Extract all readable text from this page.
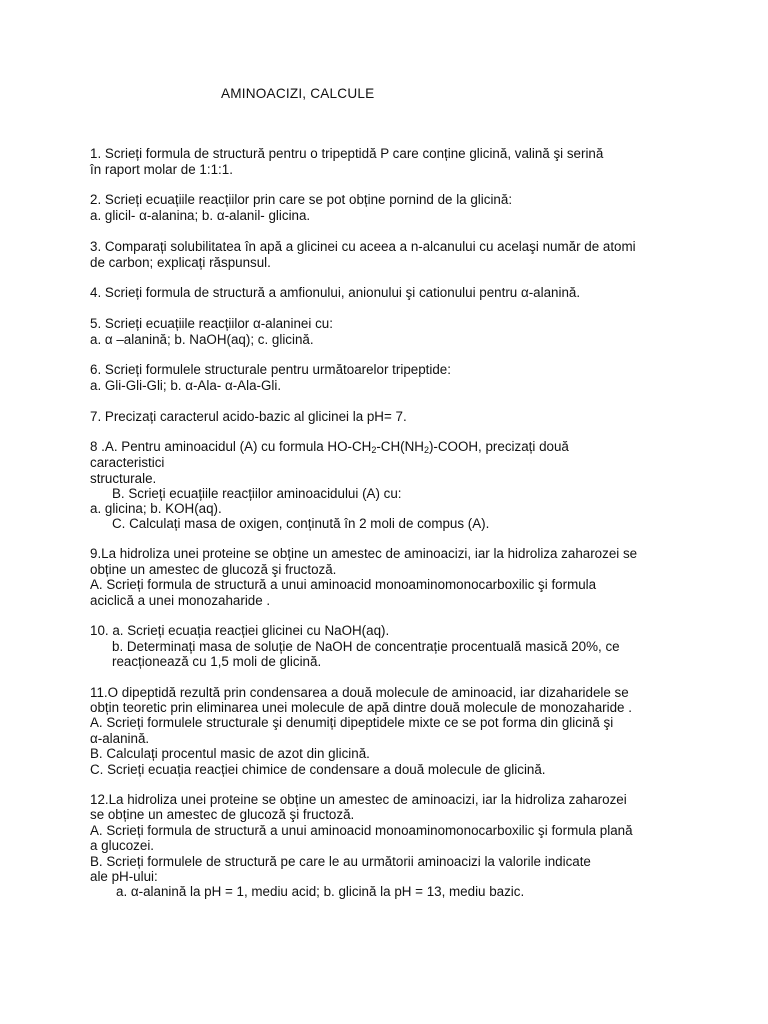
AMINOACIZI, CALCULE
1. Scrieți formula de structură pentru o tripeptidă P care conține glicină, valină şi serină
în raport molar de 1:1:1.
2. Scrieți ecuațiile reacțiilor prin care se pot obține pornind de la glicină:
a. glicil- α-alanina; b. α-alanil- glicina.
3. Comparați solubilitatea în apă a glicinei cu aceea a n-alcanului cu acelaşi număr de atomi
de carbon; explicați răspunsul.
4. Scrieți formula de structură a amfionului, anionului şi cationului pentru α-alanină.
5. Scrieți ecuațiile reacțiilor α-alaninei cu:
a. α –alanină; b. NaOH(aq); c. glicină.
6. Scrieți formulele structurale pentru următoarelor tripeptide:
a. Gli-Gli-Gli; b. α-Ala- α-Ala-Gli.
7. Precizați caracterul acido-bazic al glicinei la pH= 7.
8 .A. Pentru aminoacidul (A) cu formula $HO-CH_2-CH(NH_2)$-COOH, precizați două
caracteristici
structurale.
B. Scrieți ecuațiile reacțiilor aminoacidului (A) cu:
a. glicina; b. KOH(aq).
C. Calculați masa de oxigen, conținută în 2 moli de compus (A).
9.La hidroliza unei proteine se obține un amestec de aminoacizi, iar la hidroliza zaharozei se
obține un amestec de glucoză şi fructoză.
A. Scrieți formula de structură a unui aminoacid monoaminomonocarboxilic şi formula
aciclică a unei monozaharide .
10. a. Scrieți ecuația reacției glicinei cu NaOH(aq).
b. Determinați masa de soluție de NaOH de concentrație procentuală masică 20%, ce
reacționează cu 1,5 moli de glicină.
11.O dipeptidă rezultă prin condensarea a două molecule de aminoacid, iar dizaharidele se
obțin teoretic prin eliminarea unei molecule de apă dintre două molecule de monozaharide .
A. Scrieți formulele structurale şi denumiți dipeptidele mixte ce se pot forma din glicină şi
α-alanină.
B. Calculați procentul masic de azot din glicină.
C. Scrieți ecuația reacției chimice de condensare a două molecule de glicină.
12.La hidroliza unei proteine se obține un amestec de aminoacizi, iar la hidroliza zaharozei
se obține un amestec de glucoză şi fructoză.
A. Scrieți formula de structură a unui aminoacid monoaminomonocarboxilic şi formula plană
a glucozei.
B. Scrieți formulele de structură pe care le au următorii aminoacizi la valorile indicate
ale pH-ului:
a. α-alanină la pH = 1, mediu acid; b. glicină la pH = 13, mediu bazic.
